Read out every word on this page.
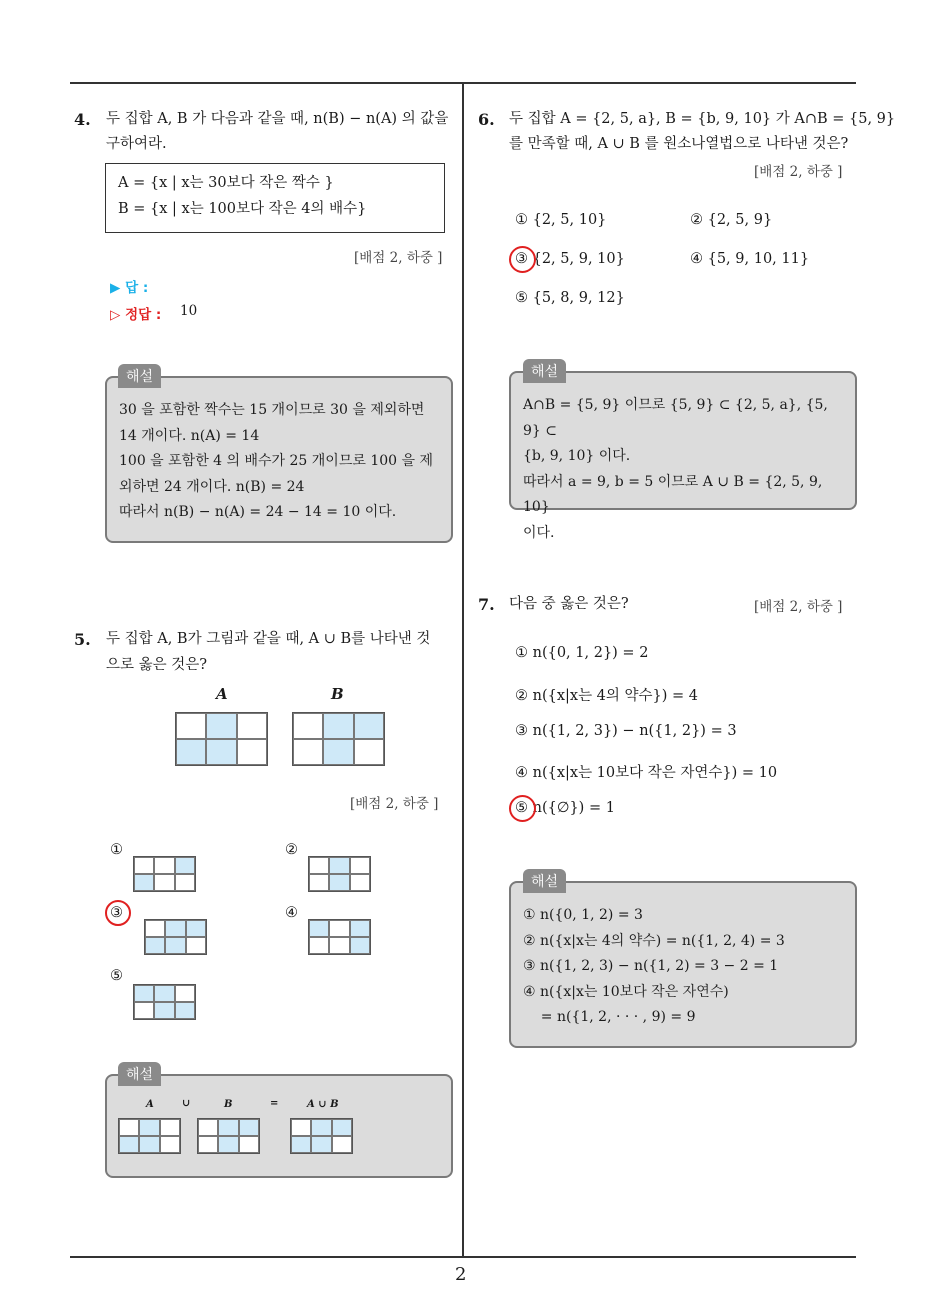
2
4. 두 집합 A, B 가 다음과 같을 때, n(B) − n(A) 의 값을
구하여라.
A = {x | x는 30보다 작은 짝수 }
B = {x | x는 100보다 작은 4의 배수}
[배점 2, 하중 ]
▶ 답 :
▷ 정답 : 10
30 을 포함한 짝수는 15 개이므로 30 을 제외하면
14 개이다. n(A) = 14
100 을 포함한 4 의 배수가 25 개이므로 100 을 제
외하면 24 개이다. n(B) = 24
따라서 n(B) − n(A) = 24 − 14 = 10 이다.
해설
5. 두 집합 A, B가 그림과 같을 때, A ∪ B를 나타낸 것
으로 옳은 것은?
A	B
[배점 2, 하중 ]
①	②
③	④
⑤
해설
A	∪	B	=	A ∪ B
6. 두 집합 A = {2, 5, a}, B = {b, 9, 10} 가 A∩B = {5, 9}
를 만족할 때, A ∪ B 를 원소나열법으로 나타낸 것은?
[배점 2, 하중 ]
① {2, 5, 10}	② {2, 5, 9}
③ {2, 5, 9, 10}	④ {5, 9, 10, 11}
⑤ {5, 8, 9, 12}
A∩B = {5, 9} 이므로 {5, 9} ⊂ {2, 5, a}, {5, 9} ⊂
{b, 9, 10} 이다.
따라서 a = 9, b = 5 이므로 A ∪ B = {2, 5, 9, 10}
이다.
해설
7. 다음 중 옳은 것은?	[배점 2, 하중 ]
① n({0, 1, 2}) = 2
② n({x|x는 4의 약수}) = 4
③ n({1, 2, 3}) − n({1, 2}) = 3
④ n({x|x는 10보다 작은 자연수}) = 10
⑤ n({∅}) = 1
① n({0, 1, 2) = 3
② n({x|x는 4의 약수) = n({1, 2, 4) = 3
③ n({1, 2, 3) − n({1, 2) = 3 − 2 = 1
④ n({x|x는 10보다 작은 자연수)
= n({1, 2, · · · , 9) = 9
해설
